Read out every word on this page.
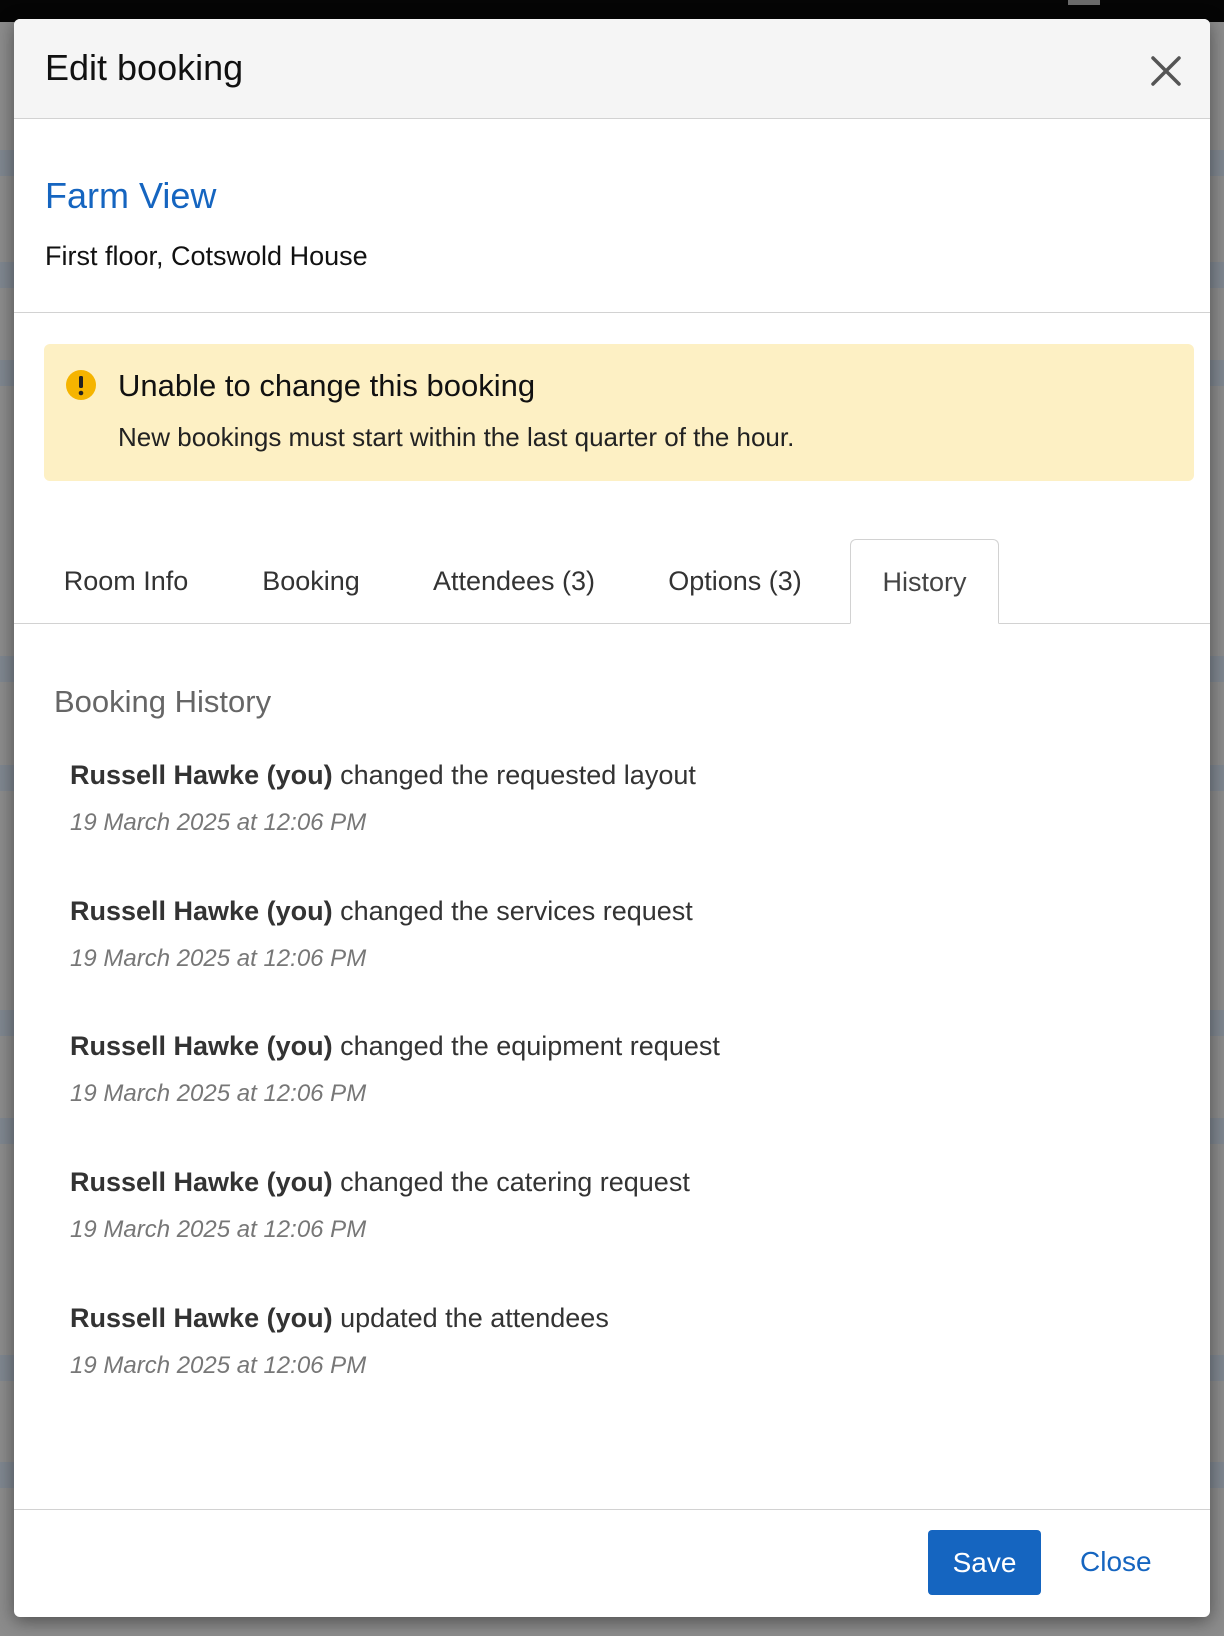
Edit booking
Farm View
First floor, Cotswold House
Unable to change this booking
New bookings must start within the last quarter of the hour.
Room Info	Booking	Attendees (3)	Options (3)	History
Booking History
Russell Hawke (you) changed the requested layout
19 March 2025 at 12:06 PM
Russell Hawke (you) changed the services request
19 March 2025 at 12:06 PM
Russell Hawke (you) changed the equipment request
19 March 2025 at 12:06 PM
Russell Hawke (you) changed the catering request
19 March 2025 at 12:06 PM
Russell Hawke (you) updated the attendees
19 March 2025 at 12:06 PM
Save	Close
